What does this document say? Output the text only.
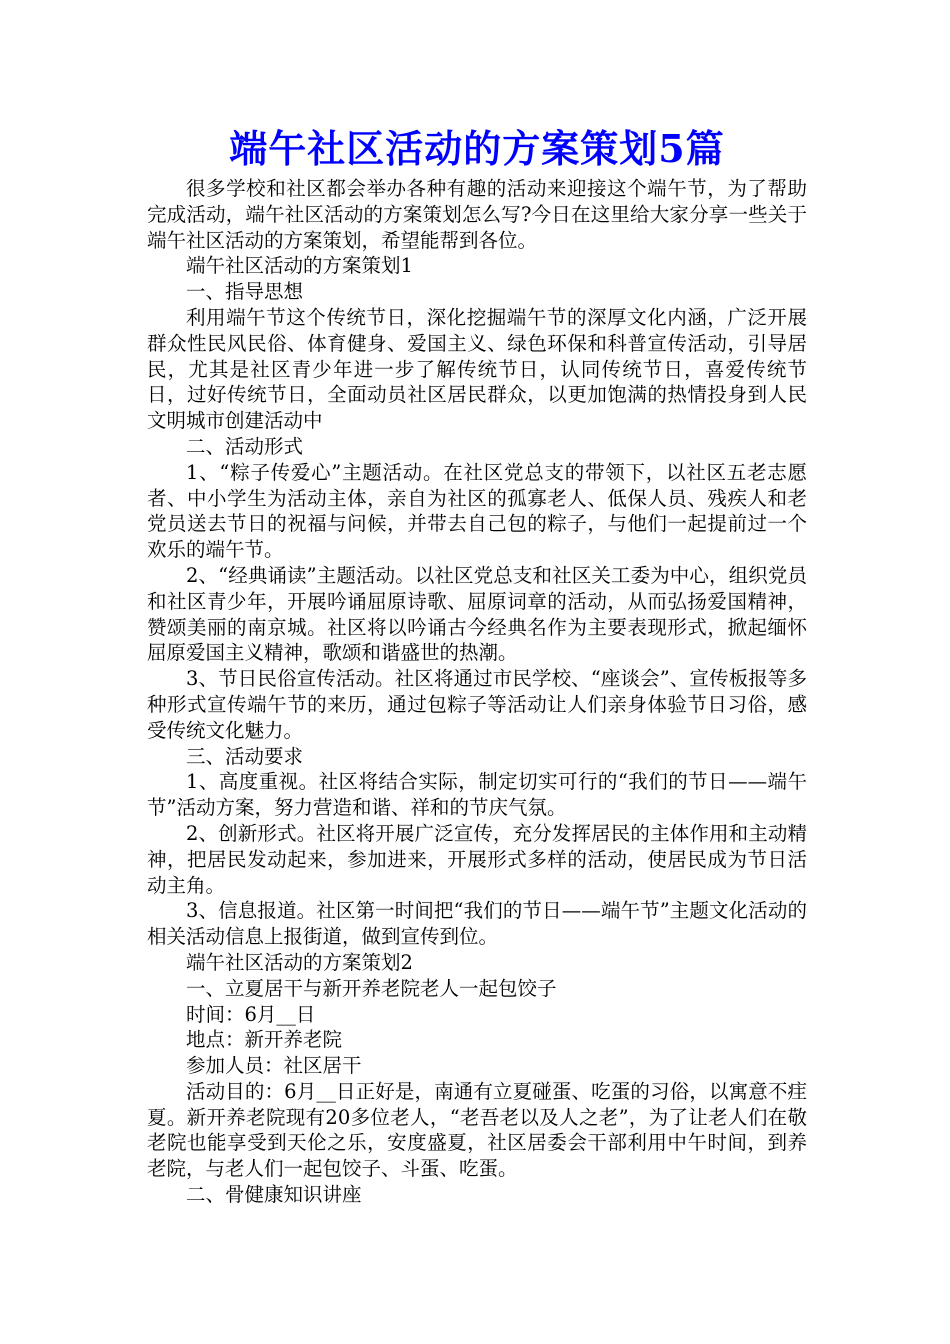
端午社区活动的方案策划5篇

很多学校和社区都会举办各种有趣的活动来迎接这个端午节，为了帮助完成活动，端午社区活动的方案策划怎么写?今日在这里给大家分享一些关于端午社区活动的方案策划，希望能帮到各位。

端午社区活动的方案策划1

一、指导思想

利用端午节这个传统节日，深化挖掘端午节的深厚文化内涵，广泛开展群众性民风民俗、体育健身、爱国主义、绿色环保和科普宣传活动，引导居民，尤其是社区青少年进一步了解传统节日，认同传统节日，喜爱传统节日，过好传统节日，全面动员社区居民群众，以更加饱满的热情投身到人民文明城市创建活动中

二、活动形式

1、“粽子传爱心”主题活动。在社区党总支的带领下，以社区五老志愿者、中小学生为活动主体，亲自为社区的孤寡老人、低保人员、残疾人和老党员送去节日的祝福与问候，并带去自己包的粽子，与他们一起提前过一个欢乐的端午节。

2、“经典诵读”主题活动。以社区党总支和社区关工委为中心，组织党员和社区青少年，开展吟诵屈原诗歌、屈原词章的活动，从而弘扬爱国精神，赞颂美丽的南京城。社区将以吟诵古今经典名作为主要表现形式，掀起缅怀屈原爱国主义精神，歌颂和谐盛世的热潮。

3、节日民俗宣传活动。社区将通过市民学校、“座谈会”、宣传板报等多种形式宣传端午节的来历，通过包粽子等活动让人们亲身体验节日习俗，感受传统文化魅力。

三、活动要求

1、高度重视。社区将结合实际，制定切实可行的“我们的节日——端午节”活动方案，努力营造和谐、祥和的节庆气氛。

2、创新形式。社区将开展广泛宣传，充分发挥居民的主体作用和主动精神，把居民发动起来，参加进来，开展形式多样的活动，使居民成为节日活动主角。

3、信息报道。社区第一时间把“我们的节日——端午节”主题文化活动的相关活动信息上报街道，做到宣传到位。

端午社区活动的方案策划2

一、立夏居干与新开养老院老人一起包饺子

时间：6月__日

地点：新开养老院

参加人员：社区居干

活动目的：6月__日正好是，南通有立夏碰蛋、吃蛋的习俗，以寓意不疰夏。新开养老院现有20多位老人，“老吾老以及人之老”，为了让老人们在敬老院也能享受到天伦之乐，安度盛夏，社区居委会干部利用中午时间，到养老院，与老人们一起包饺子、斗蛋、吃蛋。

二、骨健康知识讲座
